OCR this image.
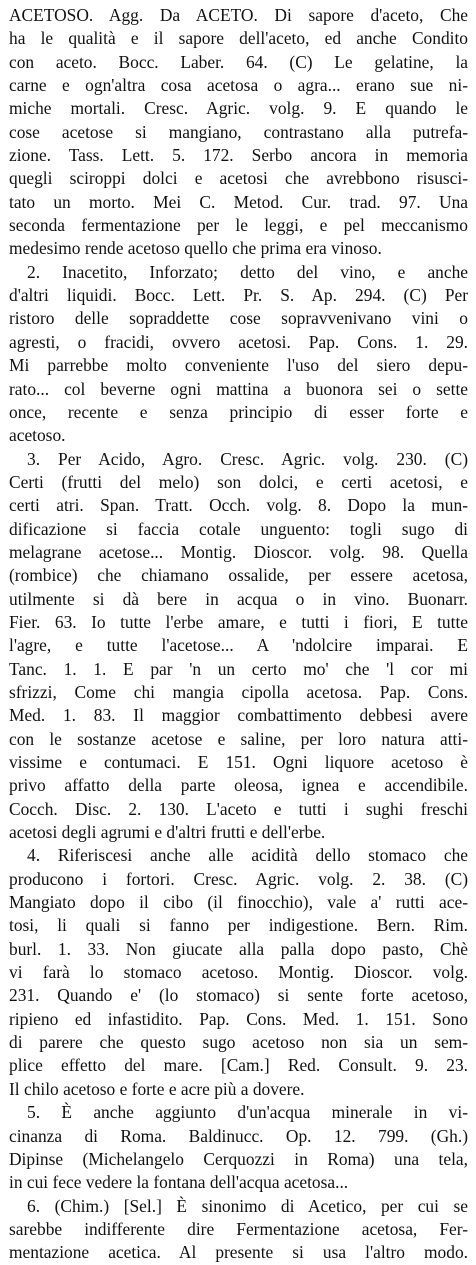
ACETOSO. Agg. Da ACETO. Di sapore d'aceto, Che
ha le qualità e il sapore dell'aceto, ed anche Condito
con aceto. Bocc. Laber. 64. (C) Le gelatine, la
carne e ogn'altra cosa acetosa o agra... erano sue ni-
miche mortali. Cresc. Agric. volg. 9. E quando le
cose acetose si mangiano, contrastano alla putrefa-
zione. Tass. Lett. 5. 172. Serbo ancora in memoria
quegli sciroppi dolci e acetosi che avrebbono risusci-
tato un morto. Mei C. Metod. Cur. trad. 97. Una
seconda fermentazione per le leggi, e pel meccanismo
medesimo rende acetoso quello che prima era vinoso.
2. Inacetito, Inforzato; detto del vino, e anche
d'altri liquidi. Bocc. Lett. Pr. S. Ap. 294. (C) Per
ristoro delle sopraddette cose sopravvenivano vini o
agresti, o fracidi, ovvero acetosi. Pap. Cons. 1. 29.
Mi parrebbe molto conveniente l'uso del siero depu-
rato... col beverne ogni mattina a buonora sei o sette
once, recente e senza principio di esser forte e
acetoso.
3. Per Acido, Agro. Cresc. Agric. volg. 230. (C)
Certi (frutti del melo) son dolci, e certi acetosi, e
certi atri. Span. Tratt. Occh. volg. 8. Dopo la mun-
dificazione si faccia cotale unguento: togli sugo di
melagrane acetose... Montig. Dioscor. volg. 98. Quella
(rombice) che chiamano ossalide, per essere acetosa,
utilmente si dà bere in acqua o in vino. Buonarr.
Fier. 63. Io tutte l'erbe amare, e tutti i fiori, E tutte
l'agre, e tutte l'acetose... A 'ndolcire imparai. E
Tanc. 1. 1. E par 'n un certo mo' che 'l cor mi
sfrizzi, Come chi mangia cipolla acetosa. Pap. Cons.
Med. 1. 83. Il maggior combattimento debbesi avere
con le sostanze acetose e saline, per loro natura atti-
vissime e contumaci. E 151. Ogni liquore acetoso è
privo affatto della parte oleosa, ignea e accendibile.
Cocch. Disc. 2. 130. L'aceto e tutti i sughi freschi
acetosi degli agrumi e d'altri frutti e dell'erbe.
4. Riferiscesi anche alle acidità dello stomaco che
producono i fortori. Cresc. Agric. volg. 2. 38. (C)
Mangiato dopo il cibo (il finocchio), vale a' rutti ace-
tosi, li quali si fanno per indigestione. Bern. Rim.
burl. 1. 33. Non giucate alla palla dopo pasto, Chè
vi farà lo stomaco acetoso. Montig. Dioscor. volg.
231. Quando e' (lo stomaco) si sente forte acetoso,
ripieno ed infastidito. Pap. Cons. Med. 1. 151. Sono
di parere che questo sugo acetoso non sia un sem-
plice effetto del mare. [Cam.] Red. Consult. 9. 23.
Il chilo acetoso e forte e acre più a dovere.
5. È anche aggiunto d'un'acqua minerale in vi-
cinanza di Roma. Baldinucc. Op. 12. 799. (Gh.)
Dipinse (Michelangelo Cerquozzi in Roma) una tela,
in cui fece vedere la fontana dell'acqua acetosa...
6. (Chim.) [Sel.] È sinonimo di Acetico, per cui se
sarebbe indifferente dire Fermentazione acetosa, Fer-
mentazione acetica. Al presente si usa l'altro modo.
